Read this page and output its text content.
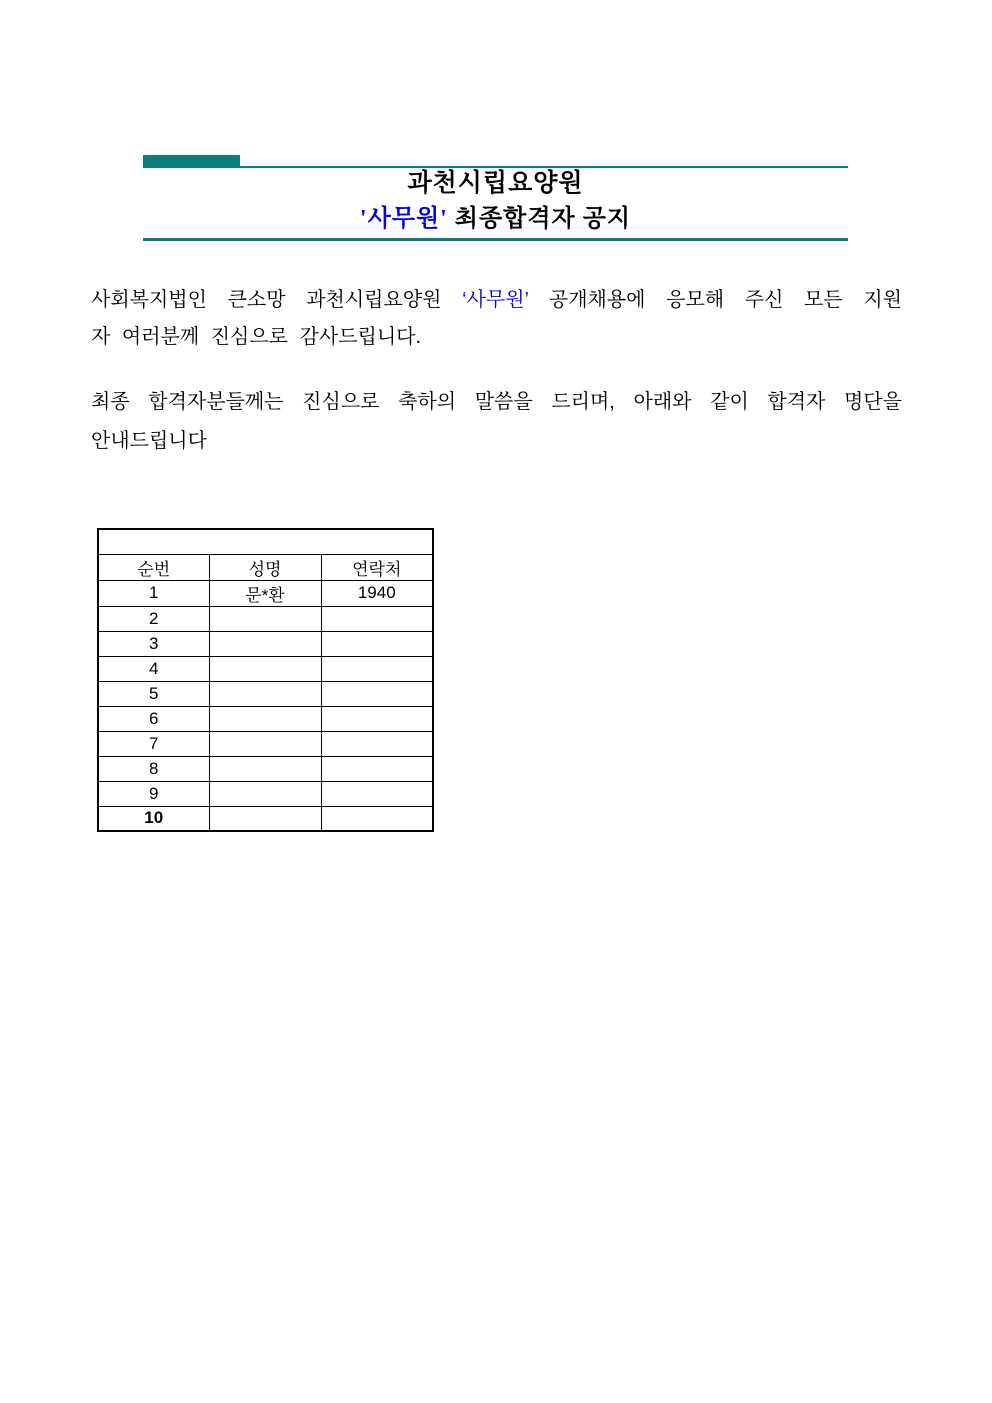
과천시립요양원
'사무원' 최종합격자 공지
사회복지법인 큰소망 과천시립요양원 ‘사무원’ 공개채용에 응모해 주신 모든 지원
자 여러분께 진심으로 감사드립니다.
최종 합격자분들께는 진심으로 축하의 말씀을 드리며, 아래와 같이 합격자 명단을
안내드립니다

순번	성명	연락처
1	문*환	1940
2		
3		
4		
5		
6		
7		
8		
9		
10		
